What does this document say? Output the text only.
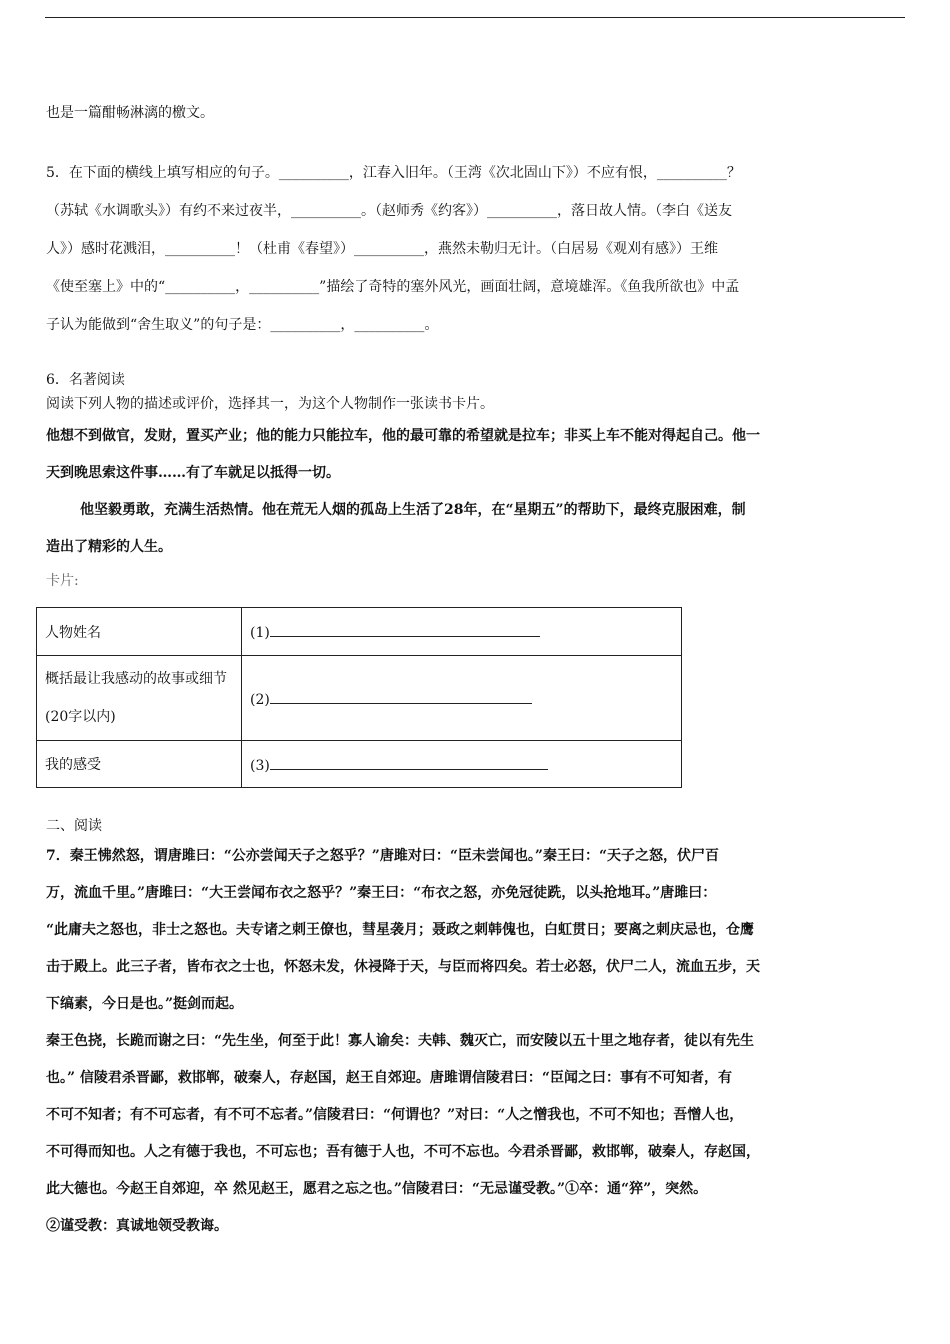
也是一篇酣畅淋漓的檄文。

5．在下面的横线上填写相应的句子。__________，江春入旧年。（王湾《次北固山下》）不应有恨，__________？

（苏轼《水调歌头》）有约不来过夜半，__________。（赵师秀《约客》）__________，落日故人情。（李白《送友

人》）感时花溅泪，__________！（杜甫《春望》）__________，燕然未勒归无计。（白居易《观刈有感》）王维

《使至塞上》中的“__________，__________”描绘了奇特的塞外风光，画面壮阔，意境雄浑。《鱼我所欲也》中孟

子认为能做到“舍生取义”的句子是：__________，__________。

6．名著阅读

阅读下列人物的描述或评价，选择其一，为这个人物制作一张读书卡片。

他想不到做官，发财，置买产业；他的能力只能拉车，他的最可靠的希望就是拉车；非买上车不能对得起自己。他一

天到晚思索这件事……有了车就足以抵得一切。

他坚毅勇敢，充满生活热情。他在荒无人烟的孤岛上生活了28年，在“星期五”的帮助下，最终克服困难，制

造出了精彩的人生。

卡片:

人物姓名	(1)
概括最让我感动的故事或细节(20字以内)	(2)
我的感受	(3)

二、阅读

7．秦王怫然怒，谓唐雎曰：“公亦尝闻天子之怒乎？”唐雎对曰：“臣未尝闻也。”秦王曰：“天子之怒，伏尸百

万，流血千里。”唐雎曰：“大王尝闻布衣之怒乎？”秦王曰：“布衣之怒，亦免冠徒跣，以头抢地耳。”唐雎曰：

“此庸夫之怒也，非士之怒也。夫专诸之刺王僚也，彗星袭月；聂政之刺韩傀也，白虹贯日；要离之刺庆忌也，仓鹰

击于殿上。此三子者，皆布衣之士也，怀怒未发，休祲降于天，与臣而将四矣。若士必怒，伏尸二人，流血五步，天

下缟素，今日是也。”挺剑而起。

秦王色挠，长跪而谢之曰：“先生坐，何至于此！寡人谕矣：夫韩、魏灭亡，而安陵以五十里之地存者，徒以有先生

也。” 信陵君杀晋鄙，救邯郸，破秦人，存赵国，赵王自郊迎。唐雎谓信陵君曰：“臣闻之曰：事有不可知者，有

不可不知者；有不可忘者，有不可不忘者。”信陵君曰：“何谓也？”对曰：“人之憎我也，不可不知也；吾憎人也，

不可得而知也。人之有德于我也，不可忘也；吾有德于人也，不可不忘也。今君杀晋鄙，救邯郸，破秦人，存赵国，

此大德也。今赵王自郊迎，卒 然见赵王，愿君之忘之也。”信陵君曰：“无忌谨受教。”①卒：通“猝”，突然。

②谨受教：真诚地领受教诲。
